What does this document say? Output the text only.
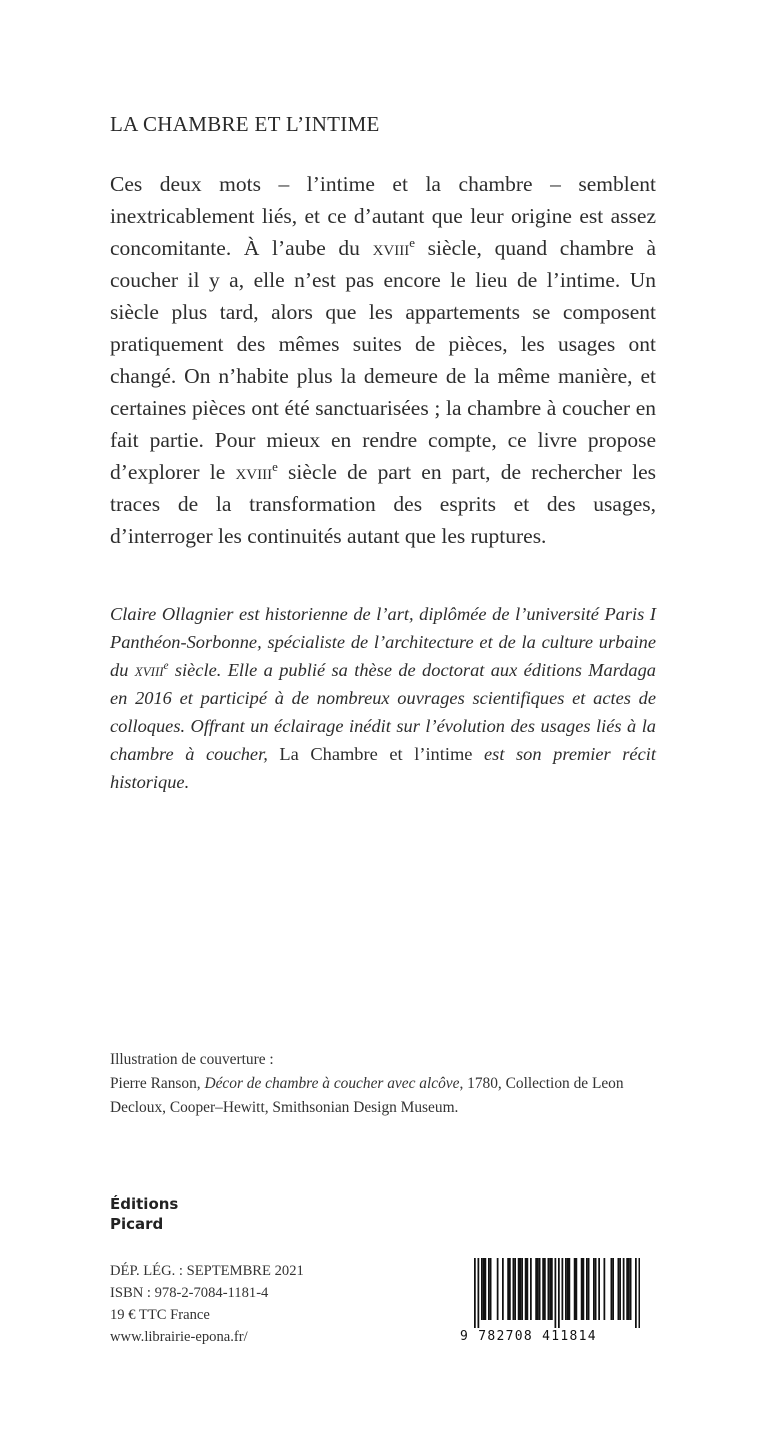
LA CHAMBRE ET L’INTIME

Ces deux mots – l’intime et la chambre – semblent inextricablement liés, et ce d’autant que leur origine est assez concomitante. À l’aube du xviii$^e$ siècle, quand chambre à coucher il y a, elle n’est pas encore le lieu de l’intime. Un siècle plus tard, alors que les appartements se composent pratiquement des mêmes suites de pièces, les usages ont changé. On n’habite plus la demeure de la même manière, et certaines pièces ont été sanctuarisées ; la chambre à coucher en fait partie. Pour mieux en rendre compte, ce livre propose d’explorer le xviii$^e$ siècle de part en part, de rechercher les traces de la transformation des esprits et des usages, d’interroger les continuités autant que les ruptures.

Claire Ollagnier est historienne de l’art, diplômée de l’université Paris I Panthéon-Sorbonne, spécialiste de l’architecture et de la culture urbaine du xviii$^e$ siècle. Elle a publié sa thèse de doctorat aux éditions Mardaga en 2016 et participé à de nombreux ouvrages scientifiques et actes de colloques. Offrant un éclairage inédit sur l’évolution des usages liés à la chambre à coucher, La Chambre et l’intime est son premier récit historique.
Illustration de couverture :
Pierre Ranson, Décor de chambre à coucher avec alcôve, 1780, Collection de Leon Decloux, Cooper–Hewitt, Smithsonian Design Museum.
Éditions
Picard
DÉP. LÉG. : SEPTEMBRE 2021
ISBN : 978-2-7084-1181-4
19 € TTC France
www.librairie-epona.fr/	9 782708 411814
